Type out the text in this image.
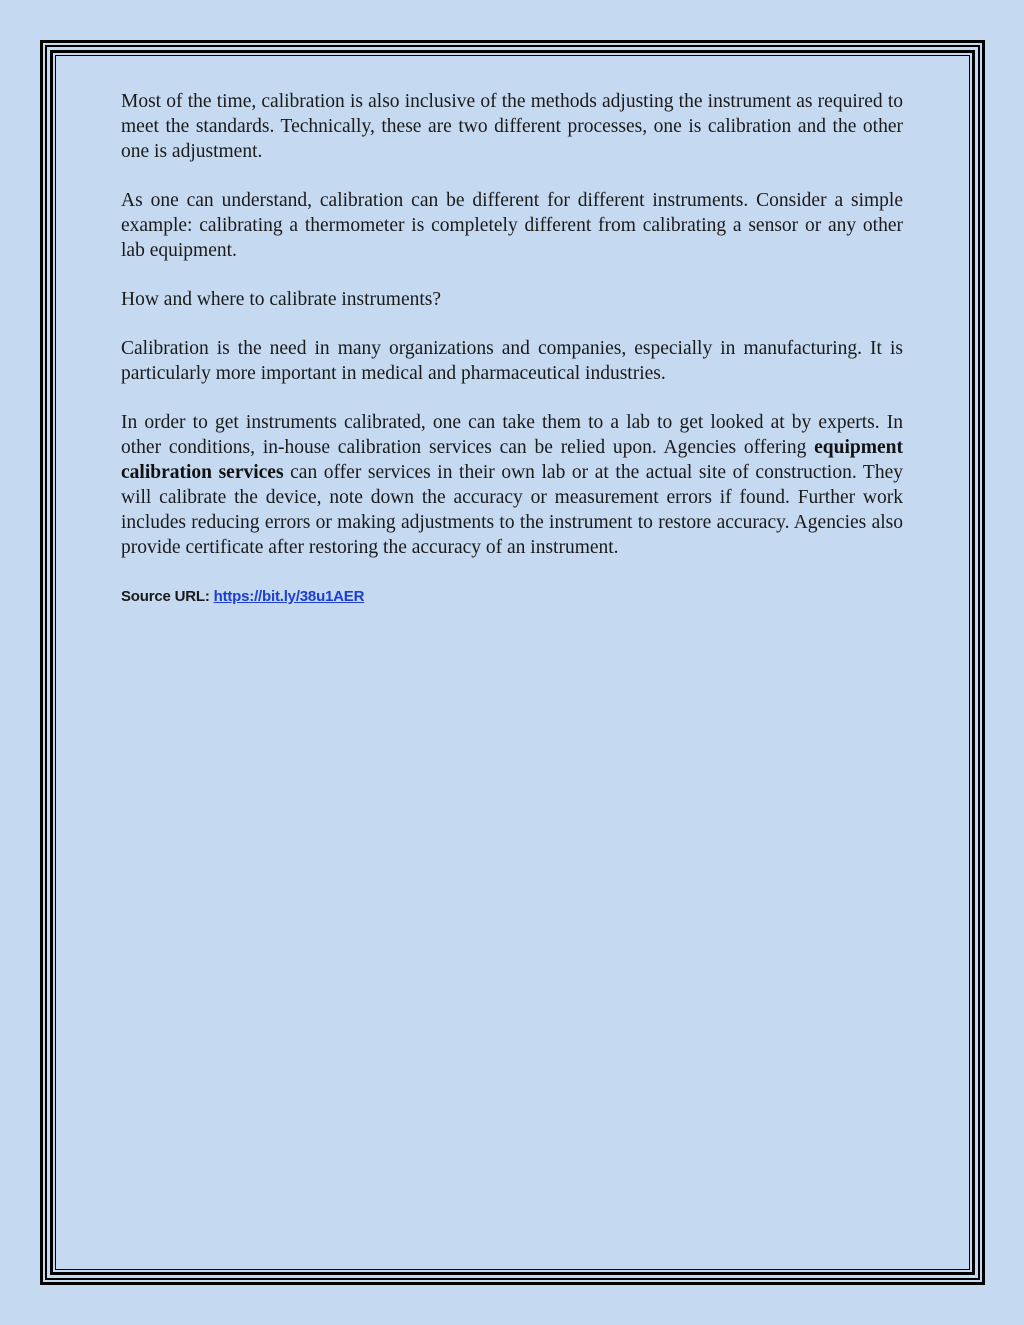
Most of the time, calibration is also inclusive of the methods adjusting the instrument as required to meet the standards. Technically, these are two different processes, one is calibration and the other one is adjustment.

As one can understand, calibration can be different for different instruments. Consider a simple example: calibrating a thermometer is completely different from calibrating a sensor or any other lab equipment.

How and where to calibrate instruments?

Calibration is the need in many organizations and companies, especially in manufacturing. It is particularly more important in medical and pharmaceutical industries.

In order to get instruments calibrated, one can take them to a lab to get looked at by experts. In other conditions, in-house calibration services can be relied upon. Agencies offering equipment calibration services can offer services in their own lab or at the actual site of construction. They will calibrate the device, note down the accuracy or measurement errors if found. Further work includes reducing errors or making adjustments to the instrument to restore accuracy. Agencies also provide certificate after restoring the accuracy of an instrument.

Source URL: https://bit.ly/38u1AER
